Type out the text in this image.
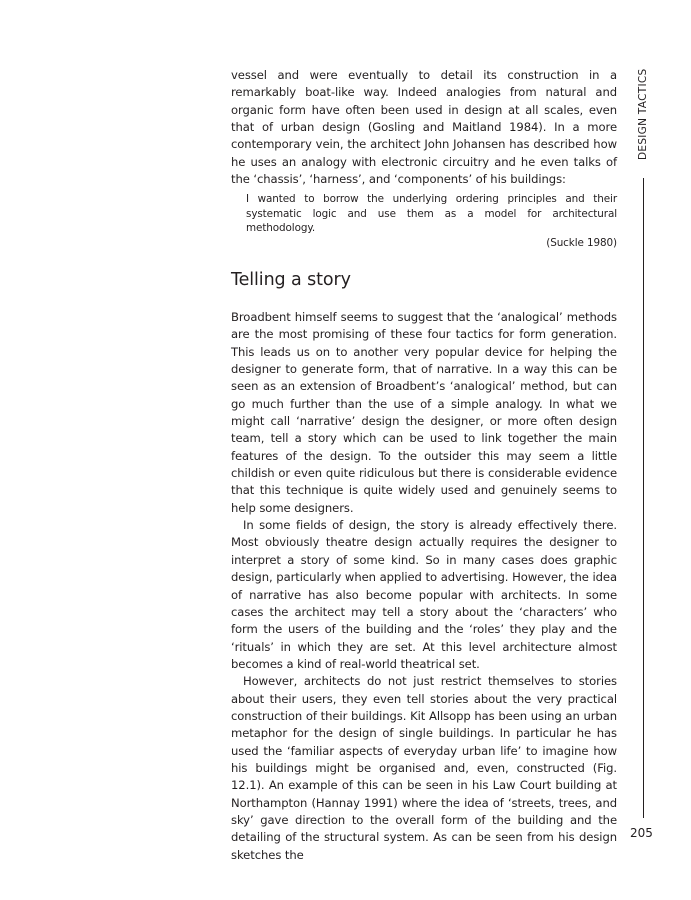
DESIGN TACTICS

vessel and were eventually to detail its construction in a remarkably boat-like way. Indeed analogies from natural and organic form have often been used in design at all scales, even that of urban design (Gosling and Maitland 1984). In a more contemporary vein, the architect John Johansen has described how he uses an analogy with electronic circuitry and he even talks of the ‘chassis’, ‘harness’, and ‘components’ of his buildings:

I wanted to borrow the underlying ordering principles and their systematic logic and use them as a model for architectural methodology.
(Suckle 1980)
Telling a story

Broadbent himself seems to suggest that the ‘analogical’ methods are the most promising of these four tactics for form generation. This leads us on to another very popular device for helping the designer to generate form, that of narrative. In a way this can be seen as an extension of Broadbent’s ‘analogical’ method, but can go much further than the use of a simple analogy. In what we might call ‘narrative’ design the designer, or more often design team, tell a story which can be used to link together the main features of the design. To the outsider this may seem a little childish or even quite ridiculous but there is considerable evidence that this technique is quite widely used and genuinely seems to help some designers.

In some fields of design, the story is already effectively there. Most obviously theatre design actually requires the designer to interpret a story of some kind. So in many cases does graphic design, particularly when applied to advertising. However, the idea of narrative has also become popular with architects. In some cases the architect may tell a story about the ‘characters’ who form the users of the building and the ‘roles’ they play and the ‘rituals’ in which they are set. At this level architecture almost becomes a kind of real-world theatrical set.

However, architects do not just restrict themselves to stories about their users, they even tell stories about the very practical construction of their buildings. Kit Allsopp has been using an urban metaphor for the design of single buildings. In particular he has used the ‘familiar aspects of everyday urban life’ to imagine how his buildings might be organised and, even, constructed (Fig. 12.1). An example of this can be seen in his Law Court building at Northampton (Hannay 1991) where the idea of ‘streets, trees, and sky’ gave direction to the overall form of the building and the detailing of the structural system. As can be seen from his design sketches the

205
